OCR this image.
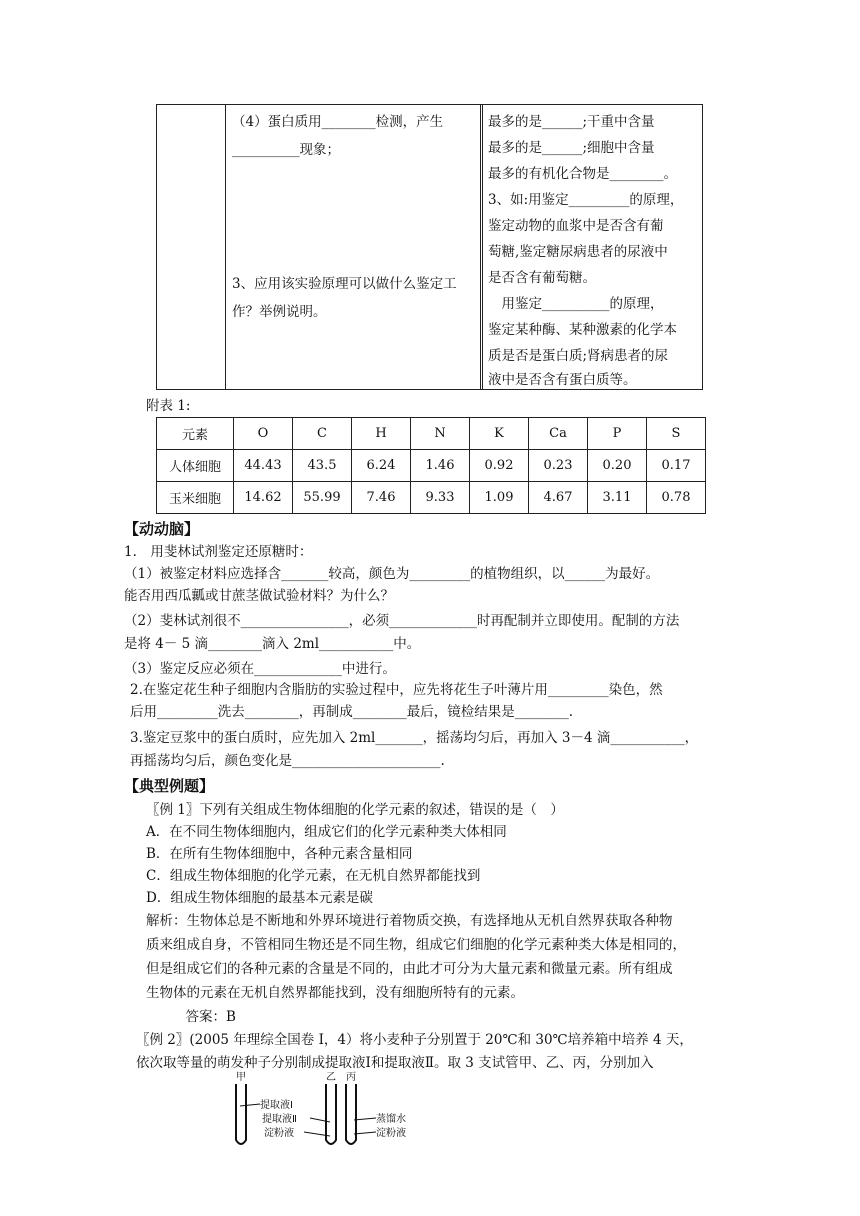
（4）蛋白质用________检测，产生
__________现象；
3、应用该实验原理可以做什么鉴定工
作？举例说明。
最多的是______;干重中含量
最多的是______;细胞中含量
最多的有机化合物是________。
3、如:用鉴定_________的原理，
鉴定动物的血浆中是否含有葡
萄糖,鉴定糖尿病患者的尿液中
是否含有葡萄糖。
　用鉴定__________的原理，
鉴定某种酶、某种激素的化学本
质是否是蛋白质;肾病患者的尿
液中是否含有蛋白质等。
附表 1:
元素	O	C	H	N	K	Ca	P	S
人体细胞	44.43	43.5	6.24	1.46	0.92	0.23	0.20	0.17
玉米细胞	14.62	55.99	7.46	9.33	1.09	4.67	3.11	0.78
【动动脑】
1.　用斐林试剂鉴定还原糖时：
（1）被鉴定材料应选择含_______较高，颜色为_________的植物组织，以______为最好。
能否用西瓜瓤或甘蔗茎做试验材料？为什么？
（2）斐林试剂很不________________，必须_____________时再配制并立即使用。配制的方法
是将 4－ 5 滴________滴入 2ml___________中。
（3）鉴定反应必须在_____________中进行。
2.在鉴定花生种子细胞内含脂肪的实验过程中，应先将花生子叶薄片用_________染色，然
后用_________洗去________，再制成________最后，镜检结果是________.
3.鉴定豆浆中的蛋白质时，应先加入 2ml_______，摇荡均匀后，再加入 3－4 滴___________，
再摇荡均匀后，颜色变化是______________________.
【典型例题】
〖例 1〗下列有关组成生物体细胞的化学元素的叙述，错误的是（　）
A．在不同生物体细胞内，组成它们的化学元素种类大体相同
B．在所有生物体细胞中，各种元素含量相同
C．组成生物体细胞的化学元素，在无机自然界都能找到
D．组成生物体细胞的最基本元素是碳
解析：生物体总是不断地和外界环境进行着物质交换，有选择地从无机自然界获取各种物
质来组成自身，不管相同生物还是不同生物，组成它们细胞的化学元素种类大体是相同的，
但是组成它们的各种元素的含量是不同的，由此才可分为大量元素和微量元素。所有组成
生物体的元素在无机自然界都能找到，没有细胞所特有的元素。
　答案：B
〖例 2〗(2005 年理综全国卷 I，4）将小麦种子分别置于 20℃和 30℃培养箱中培养 4 天，
依次取等量的萌发种子分别制成提取液Ⅰ和提取液Ⅱ。取 3 支试管甲、乙、丙，分别加入
甲	乙 丙
提取液Ⅰ
提取液Ⅱ
淀粉液
蒸馏水
淀粉液
